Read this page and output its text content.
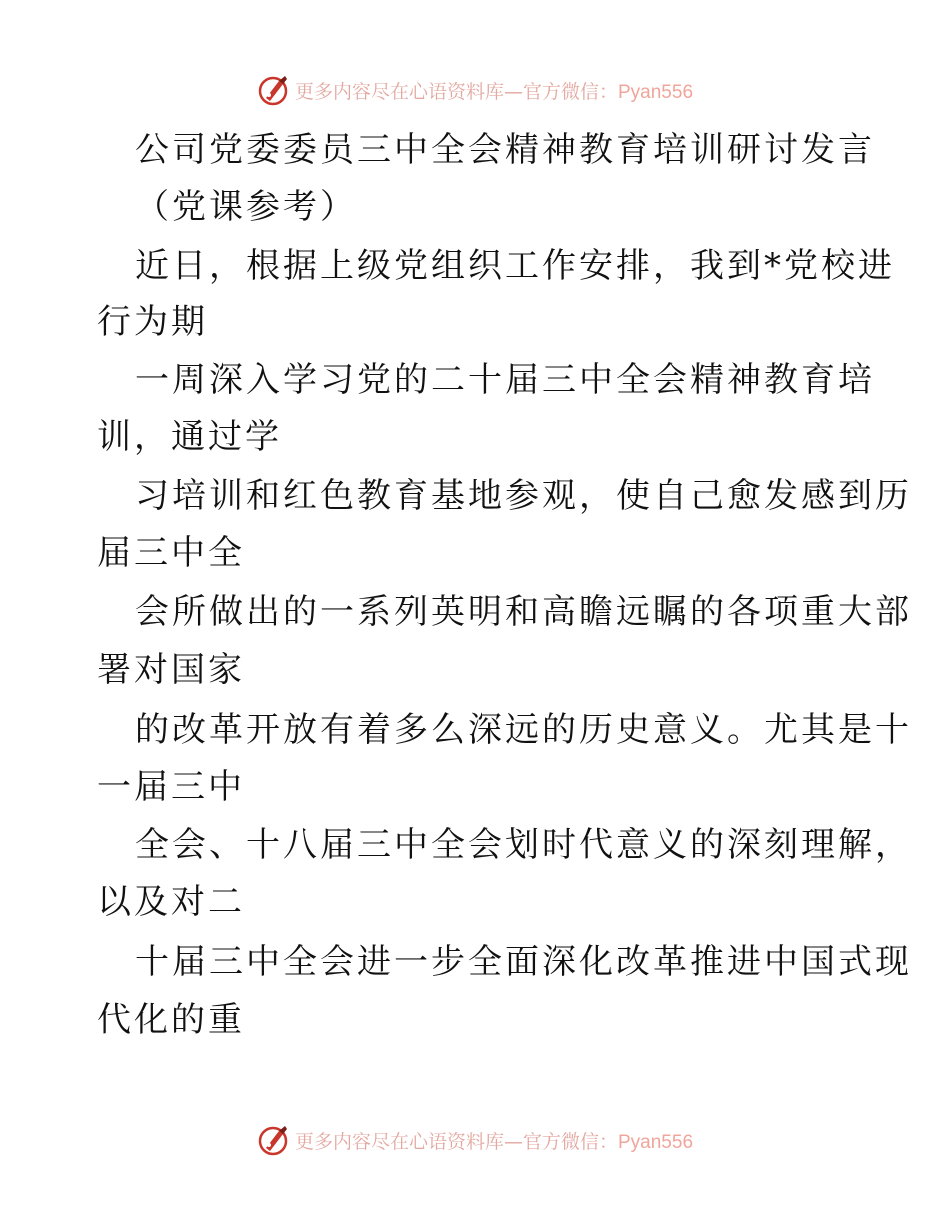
更多内容尽在心语资料库—官方微信：Pyan556
公司党委委员三中全会精神教育培训研讨发言
（党课参考）
近日，根据上级党组织工作安排，我到*党校进
行为期
一周深入学习党的二十届三中全会精神教育培
训，通过学
习培训和红色教育基地参观，使自己愈发感到历
届三中全
会所做出的一系列英明和高瞻远瞩的各项重大部
署对国家
的改革开放有着多么深远的历史意义。尤其是十
一届三中
全会、十八届三中全会划时代意义的深刻理解，
以及对二
十届三中全会进一步全面深化改革推进中国式现
代化的重
更多内容尽在心语资料库—官方微信：Pyan556
